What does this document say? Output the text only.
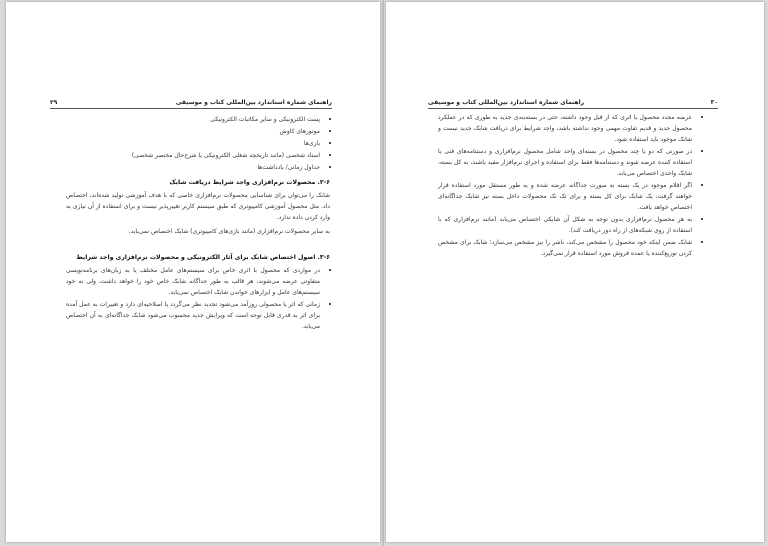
راهنمای شماره استاندارد بین‌المللی کتاب و موسیقی
۲۹
• پست الکترونیکی و سایر مکاتبات الکترونیکی
• موتورهای کاوش
• بازی‌ها
• اسناد شخصی (مانند تاریخچه شغلی الکترونیکی یا شرح‌حال مختصر شخصی)
• جداول زمانی/ یادداشت‌ها
۲-۶. محصولات نرم‌افزاری واجد شرایط دریافت شابک

شابک را می‌توان برای شناسایی محصولات نرم‌افزاری خاصی که با هدف آموزشی تولید شده‌اند، اختصاص داد. مثل محصول آموزشی کامپیوتری که طبق سیستم کاربر تغییرپذیر نیست و برای استفاده از آن نیازی به وارد کردن داده ندارد.

به سایر محصولات نرم‌افزاری (مانند بازی‌های کامپیوتری) شابک اختصاص نمی‌یابد.

۳-۶. اصول اختصاص شابک برای آثار الکترونیکی و محصولات نرم‌افزاری واجد شرایط
• در مواردی که محصول با اثری خاص برای سیستم‌های عامل مختلف یا به زبان‌های برنامه‌نویسی متفاوتی عرضه می‌شوند، هر قالب به طور جداگانه شابک خاص خود را خواهد داشت، ولی به خود سیستم‌های عامل و ابزارهای خواندن شابک اختصاص نمی‌یابد.
• زمانی که اثر یا محصولی روزآمد می‌شود تجدید نظر می‌گردد یا اصلاحیه‌ای دارد و تغییرات به عمل آمده برای اثر به قدری قابل توجه است که ویرایش جدید محسوب می‌شود شابک جداگانه‌ای به آن اختصاص می‌یابد.
۳۰
راهنمای شماره استاندارد بین‌المللی کتاب و موسیقی
• عرضه مجدد محصول یا اثری که از قبل وجود داشته، حتی در بسته‌بندی جدید به طوری که در عملکرد محصول جدید و قدیم تفاوت مهمی وجود نداشته باشد، واجد شرایط برای دریافت شابک جدید نیست و شابک موجود باید استفاده شود.
• در صورتی که دو یا چند محصول در بسته‌ای واحد شامل محصول نرم‌افزاری و دستنامه‌های فنی یا استفاده کننده عرضه شوند و دستنامه‌ها فقط برای استفاده و اجرای نرم‌افزار مفید باشند، به کل بسته، شابک واحدی اختصاص می‌یابد.
• اگر اقلام موجود در یک بسته به صورت جداگانه عرضه شده و به طور مستقل مورد استفاده قرار خواهند گرفت، یک شابک برای کل بسته و برای تک تک محصولات داخل بسته نیز شابک جداگانه‌ای اختصاص خواهد یافت.
• به هر محصول نرم‌افزاری بدون توجه به شکل آن شابکی اختصاص می‌یابد (مانند نرم‌افزاری که با استفاده از روی شبکه‌های از راه دور دریافت کند).
• شابک ضمن اینکه خود محصول را مشخص می‌کند، ناشر را نیز مشخص می‌سازد؛ شابک برای مشخص کردن توزیع‌کننده یا عمده فروش مورد استفاده قرار نمی‌گیرد.
